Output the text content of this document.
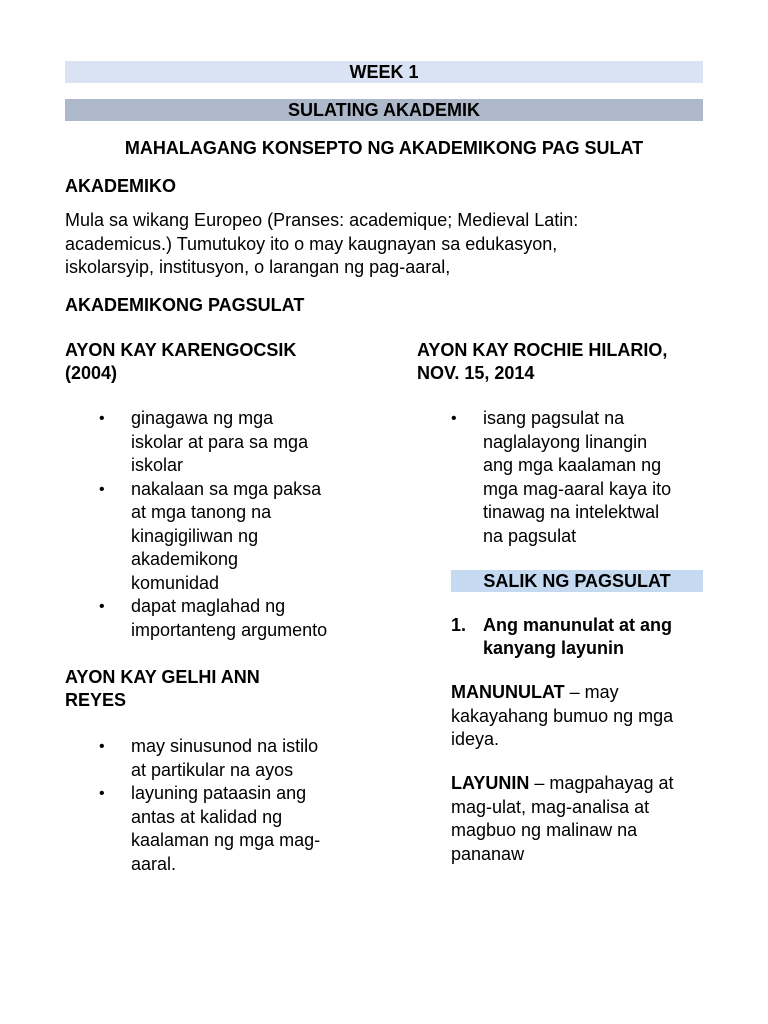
WEEK 1
SULATING AKADEMIK
MAHALAGANG KONSEPTO NG AKADEMIKONG PAG SULAT
AKADEMIKO
Mula sa wikang Europeo (Pranses: academique; Medieval Latin:
academicus.) Tumutukoy ito o may kaugnayan sa edukasyon,
iskolarsyip, institusyon, o larangan ng pag-aaral,
AKADEMIKONG PAGSULAT
AYON KAY KARENGOCSIK
(2004)
• ginagawa ng mga
iskolar at para sa mga
iskolar
• nakalaan sa mga paksa
at mga tanong na
kinagigiliwan ng
akademikong
komunidad
• dapat maglahad ng
importanteng argumento
AYON KAY GELHI ANN
REYES
• may sinusunod na istilo
at partikular na ayos
• layuning pataasin ang
antas at kalidad ng
kaalaman ng mga mag-
aaral.
AYON KAY ROCHIE HILARIO,
NOV. 15, 2014
• isang pagsulat na
naglalayong linangin
ang mga kaalaman ng
mga mag-aaral kaya ito
tinawag na intelektwal
na pagsulat
SALIK NG PAGSULAT
1. Ang manunulat at ang
kanyang layunin
MANUNULAT – may
kakayahang bumuo ng mga
ideya.
LAYUNIN – magpahayag at
mag-ulat, mag-analisa at
magbuo ng malinaw na
pananaw
